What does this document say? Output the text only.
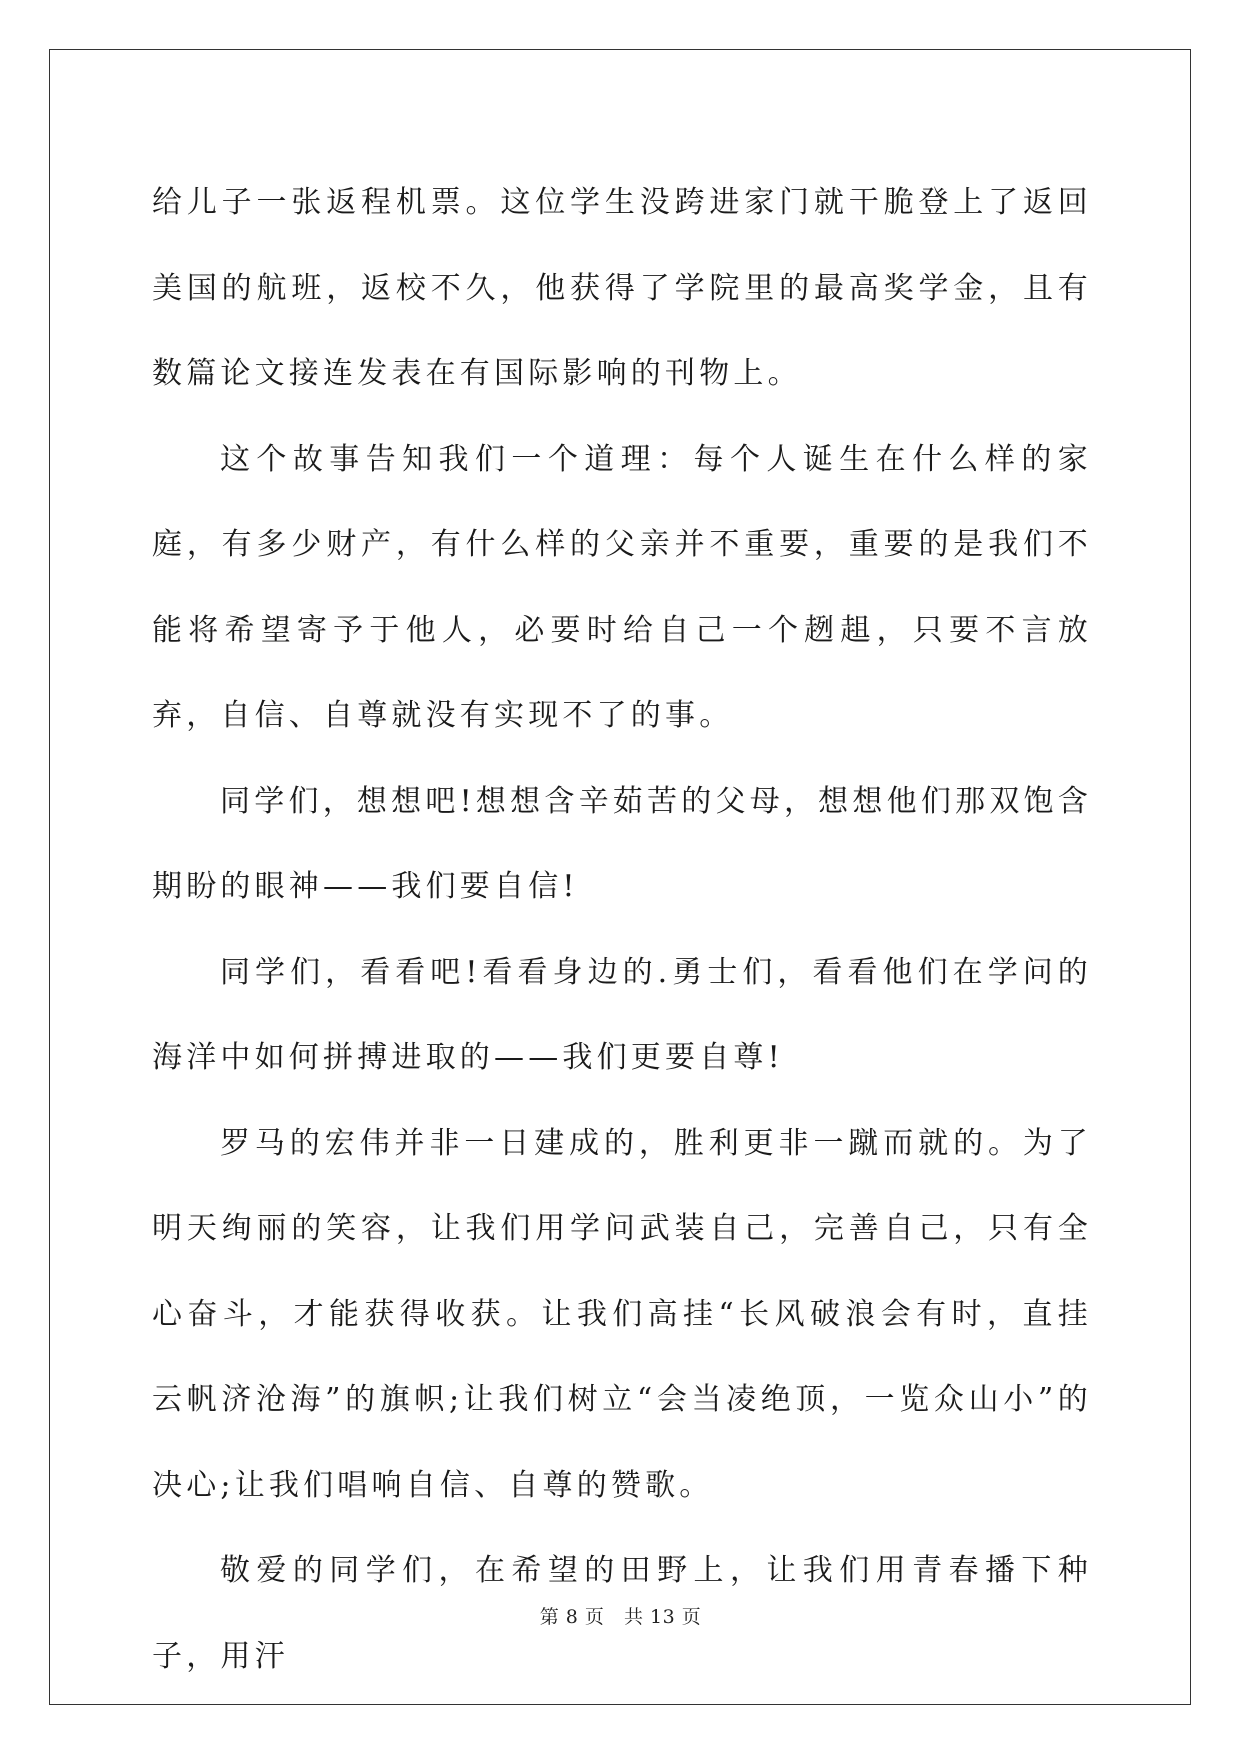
给儿子一张返程机票。这位学生没跨进家门就干脆登上了返回美国的航班，返校不久，他获得了学院里的最高奖学金，且有数篇论文接连发表在有国际影响的刊物上。

这个故事告知我们一个道理：每个人诞生在什么样的家庭，有多少财产，有什么样的父亲并不重要，重要的是我们不能将希望寄予于他人，必要时给自己一个趔趄，只要不言放弃，自信、自尊就没有实现不了的事。

同学们，想想吧!想想含辛茹苦的父母，想想他们那双饱含期盼的眼神——我们要自信!

同学们，看看吧!看看身边的.勇士们，看看他们在学问的海洋中如何拼搏进取的——我们更要自尊!

罗马的宏伟并非一日建成的，胜利更非一蹴而就的。为了明天绚丽的笑容，让我们用学问武装自己，完善自己，只有全心奋斗，才能获得收获。让我们高挂“长风破浪会有时，直挂云帆济沧海”的旗帜;让我们树立“会当凌绝顶，一览众山小”的决心;让我们唱响自信、自尊的赞歌。

敬爱的同学们，在希望的田野上，让我们用青春播下种子，用汗

第 8 页 共 13 页
